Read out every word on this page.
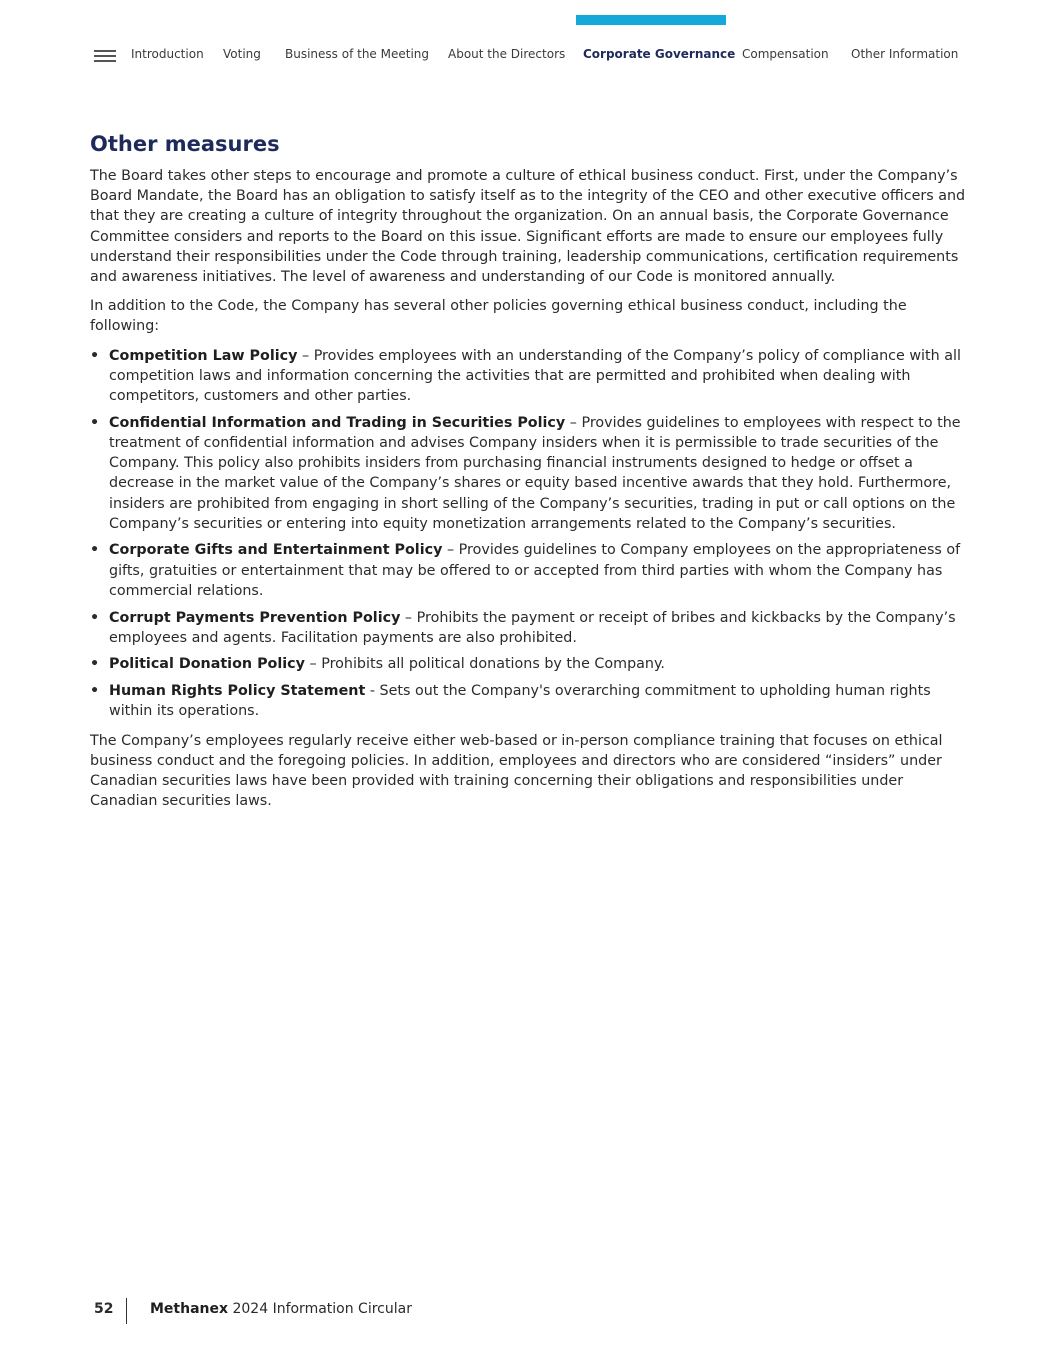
Introduction Voting Business of the Meeting About the Directors Corporate Governance Compensation Other Information
Other measures

The Board takes other steps to encourage and promote a culture of ethical business conduct. First, under the Company’s Board Mandate, the Board has an obligation to satisfy itself as to the integrity of the CEO and other executive officers and that they are creating a culture of integrity throughout the organization. On an annual basis, the Corporate Governance Committee considers and reports to the Board on this issue. Significant efforts are made to ensure our employees fully understand their responsibilities under the Code through training, leadership communications, certification requirements and awareness initiatives. The level of awareness and understanding of our Code is monitored annually.

In addition to the Code, the Company has several other policies governing ethical business conduct, including the following:

• Competition Law Policy – Provides employees with an understanding of the Company’s policy of compliance with all competition laws and information concerning the activities that are permitted and prohibited when dealing with competitors, customers and other parties.
• Confidential Information and Trading in Securities Policy – Provides guidelines to employees with respect to the treatment of confidential information and advises Company insiders when it is permissible to trade securities of the Company. This policy also prohibits insiders from purchasing financial instruments designed to hedge or offset a decrease in the market value of the Company’s shares or equity based incentive awards that they hold. Furthermore, insiders are prohibited from engaging in short selling of the Company’s securities, trading in put or call options on the Company’s securities or entering into equity monetization arrangements related to the Company’s securities.
• Corporate Gifts and Entertainment Policy – Provides guidelines to Company employees on the appropriateness of gifts, gratuities or entertainment that may be offered to or accepted from third parties with whom the Company has commercial relations.
• Corrupt Payments Prevention Policy – Prohibits the payment or receipt of bribes and kickbacks by the Company’s employees and agents. Facilitation payments are also prohibited.
• Political Donation Policy – Prohibits all political donations by the Company.
• Human Rights Policy Statement - Sets out the Company's overarching commitment to upholding human rights within its operations.

The Company’s employees regularly receive either web-based or in-person compliance training that focuses on ethical business conduct and the foregoing policies. In addition, employees and directors who are considered “insiders” under Canadian securities laws have been provided with training concerning their obligations and responsibilities under Canadian securities laws.

52	Methanex 2024 Information Circular
